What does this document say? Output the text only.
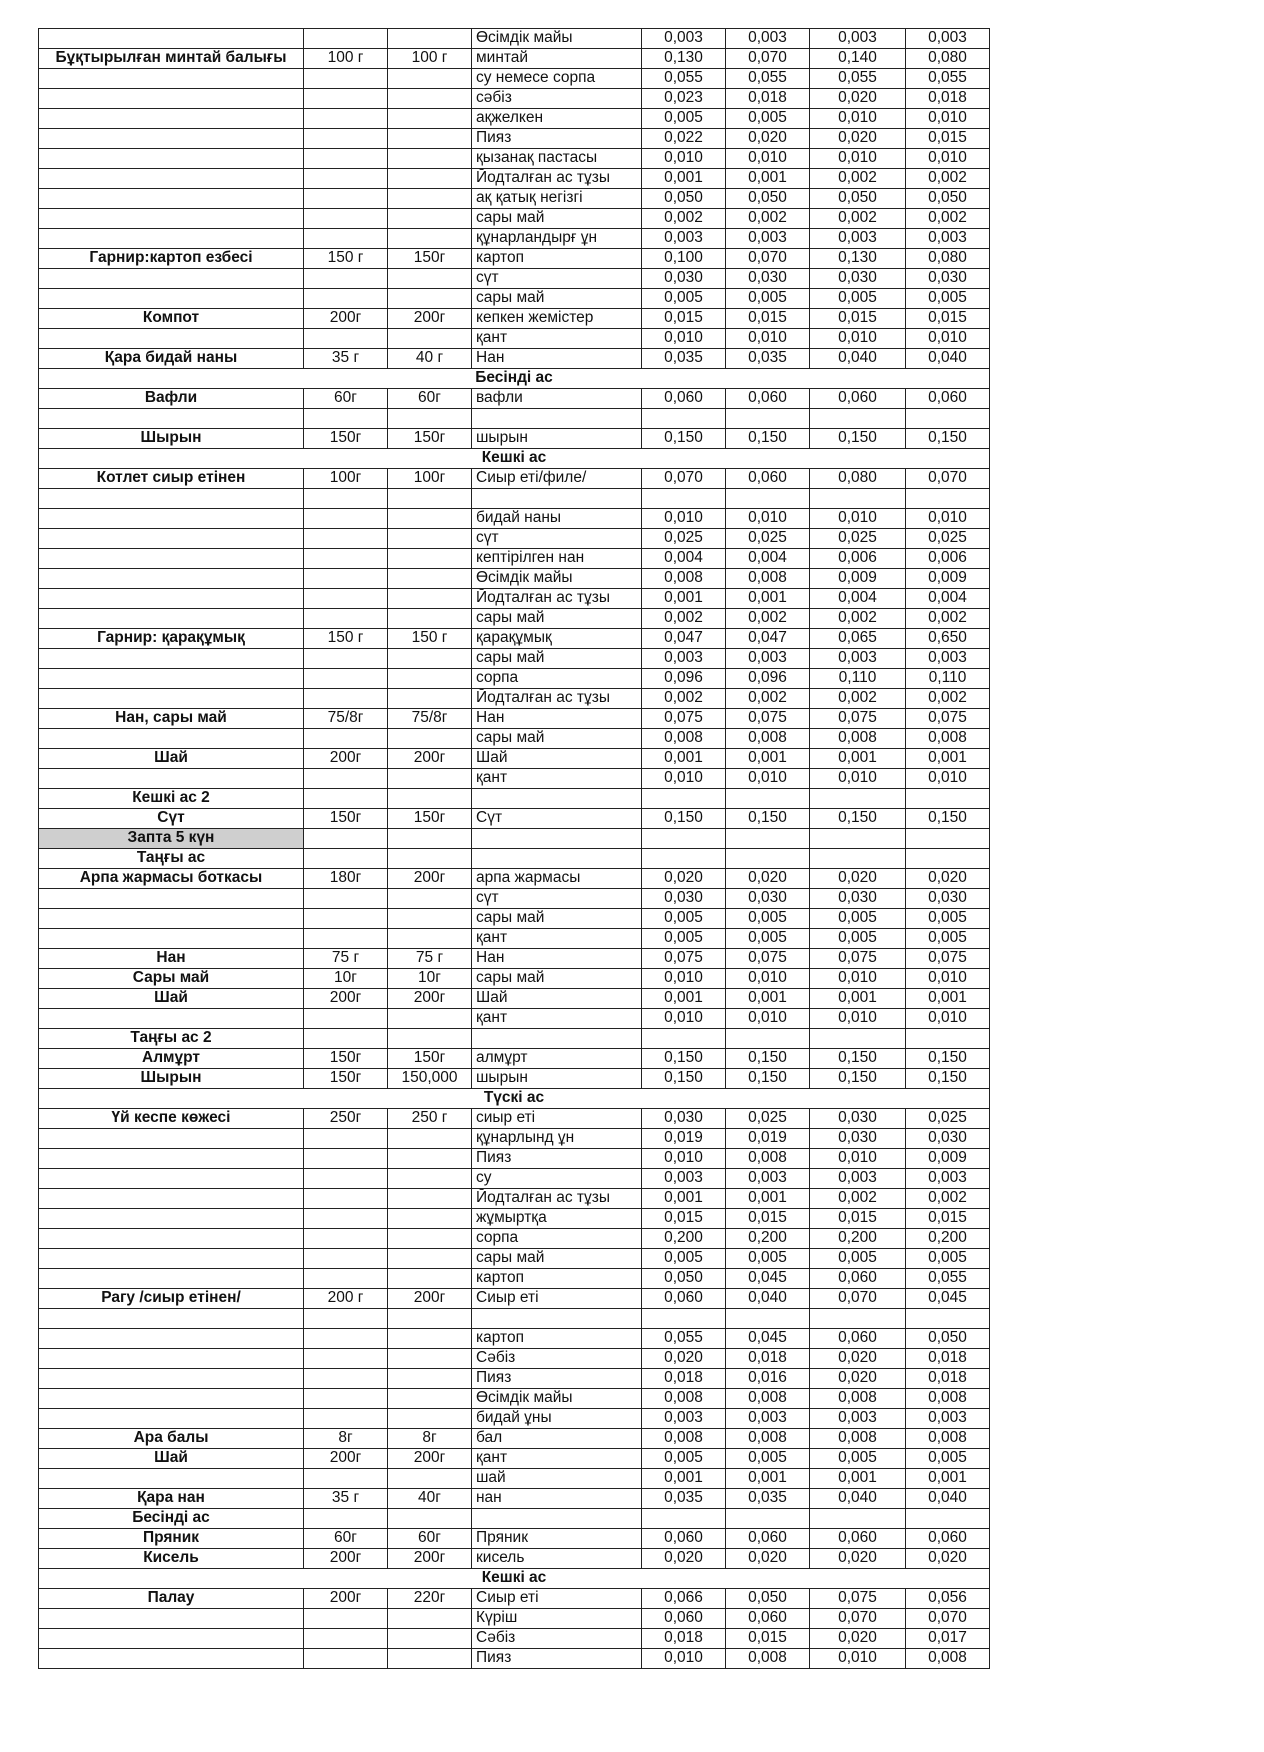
			Өсімдік майы	0,003	0,003	0,003	0,003
Бұқтырылған минтай балығы	100 г	100 г	минтай	0,130	0,070	0,140	0,080
			су немесе сорпа	0,055	0,055	0,055	0,055
			сәбіз	0,023	0,018	0,020	0,018
			ақжелкен	0,005	0,005	0,010	0,010
			Пияз	0,022	0,020	0,020	0,015
			қызанақ пастасы	0,010	0,010	0,010	0,010
			Йодталған ас тұзы	0,001	0,001	0,002	0,002
			ақ қатық негізгі	0,050	0,050	0,050	0,050
			сары май	0,002	0,002	0,002	0,002
			құнарландырғ ұн	0,003	0,003	0,003	0,003
Гарнир:картоп езбесі	150 г	150г	картоп	0,100	0,070	0,130	0,080
			сүт	0,030	0,030	0,030	0,030
			сары май	0,005	0,005	0,005	0,005
Компот	200г	200г	кепкен жемістер	0,015	0,015	0,015	0,015
			қант	0,010	0,010	0,010	0,010
Қара бидай наны	35 г	40 г	Нан	0,035	0,035	0,040	0,040
Бесінді ас							
Вафли	60г	60г	вафли	0,060	0,060	0,060	0,060

Шырын	150г	150г	шырын	0,150	0,150	0,150	0,150
Кешкі ас							
Котлет сиыр етінен	100г	100г	Сиыр еті/филе/	0,070	0,060	0,080	0,070

			бидай наны	0,010	0,010	0,010	0,010
			сүт	0,025	0,025	0,025	0,025
			кептірілген нан	0,004	0,004	0,006	0,006
			Өсімдік майы	0,008	0,008	0,009	0,009
			Йодталған ас тұзы	0,001	0,001	0,004	0,004
			сары май	0,002	0,002	0,002	0,002
Гарнир: қарақұмық	150 г	150 г	қарақұмық	0,047	0,047	0,065	0,650
			сары май	0,003	0,003	0,003	0,003
			сорпа	0,096	0,096	0,110	0,110
			Йодталған ас тұзы	0,002	0,002	0,002	0,002
Нан, сары май	75/8г	75/8г	Нан	0,075	0,075	0,075	0,075
			сары май	0,008	0,008	0,008	0,008
Шай	200г	200г	Шай	0,001	0,001	0,001	0,001
			қант	0,010	0,010	0,010	0,010
Кешкі ас 2							
Сүт	150г	150г	Сүт	0,150	0,150	0,150	0,150
Запта 5 күн							
Таңғы ас							
Арпа жармасы боткасы	180г	200г	арпа жармасы	0,020	0,020	0,020	0,020
			сүт	0,030	0,030	0,030	0,030
			сары май	0,005	0,005	0,005	0,005
			қант	0,005	0,005	0,005	0,005
Нан	75 г	75 г	Нан	0,075	0,075	0,075	0,075
Сары май	10г	10г	сары май	0,010	0,010	0,010	0,010
Шай	200г	200г	Шай	0,001	0,001	0,001	0,001
			қант	0,010	0,010	0,010	0,010
Таңғы ас 2							
Алмұрт	150г	150г	алмұрт	0,150	0,150	0,150	0,150
Шырын	150г	150,000	шырын	0,150	0,150	0,150	0,150
Түскі ас							
Үй кеспе көжесі	250г	250 г	сиыр еті	0,030	0,025	0,030	0,025
			құнарлынд ұн	0,019	0,019	0,030	0,030
			Пияз	0,010	0,008	0,010	0,009
			су	0,003	0,003	0,003	0,003
			Йодталған ас тұзы	0,001	0,001	0,002	0,002
			жұмыртқа	0,015	0,015	0,015	0,015
			сорпа	0,200	0,200	0,200	0,200
			сары май	0,005	0,005	0,005	0,005
			картоп	0,050	0,045	0,060	0,055
Рагу /сиыр етінен/	200 г	200г	Сиыр еті	0,060	0,040	0,070	0,045

			картоп	0,055	0,045	0,060	0,050
			Сәбіз	0,020	0,018	0,020	0,018
			Пияз	0,018	0,016	0,020	0,018
			Өсімдік майы	0,008	0,008	0,008	0,008
			бидай ұны	0,003	0,003	0,003	0,003
Ара балы	8г	8г	бал	0,008	0,008	0,008	0,008
Шай	200г	200г	қант	0,005	0,005	0,005	0,005
			шай	0,001	0,001	0,001	0,001
Қара нан	35 г	40г	нан	0,035	0,035	0,040	0,040
Бесінді ас							
Пряник	60г	60г	Пряник	0,060	0,060	0,060	0,060
Кисель	200г	200г	кисель	0,020	0,020	0,020	0,020
Кешкі ас							
Палау	200г	220г	Сиыр еті	0,066	0,050	0,075	0,056
			Күріш	0,060	0,060	0,070	0,070
			Сәбіз	0,018	0,015	0,020	0,017
			Пияз	0,010	0,008	0,010	0,008
